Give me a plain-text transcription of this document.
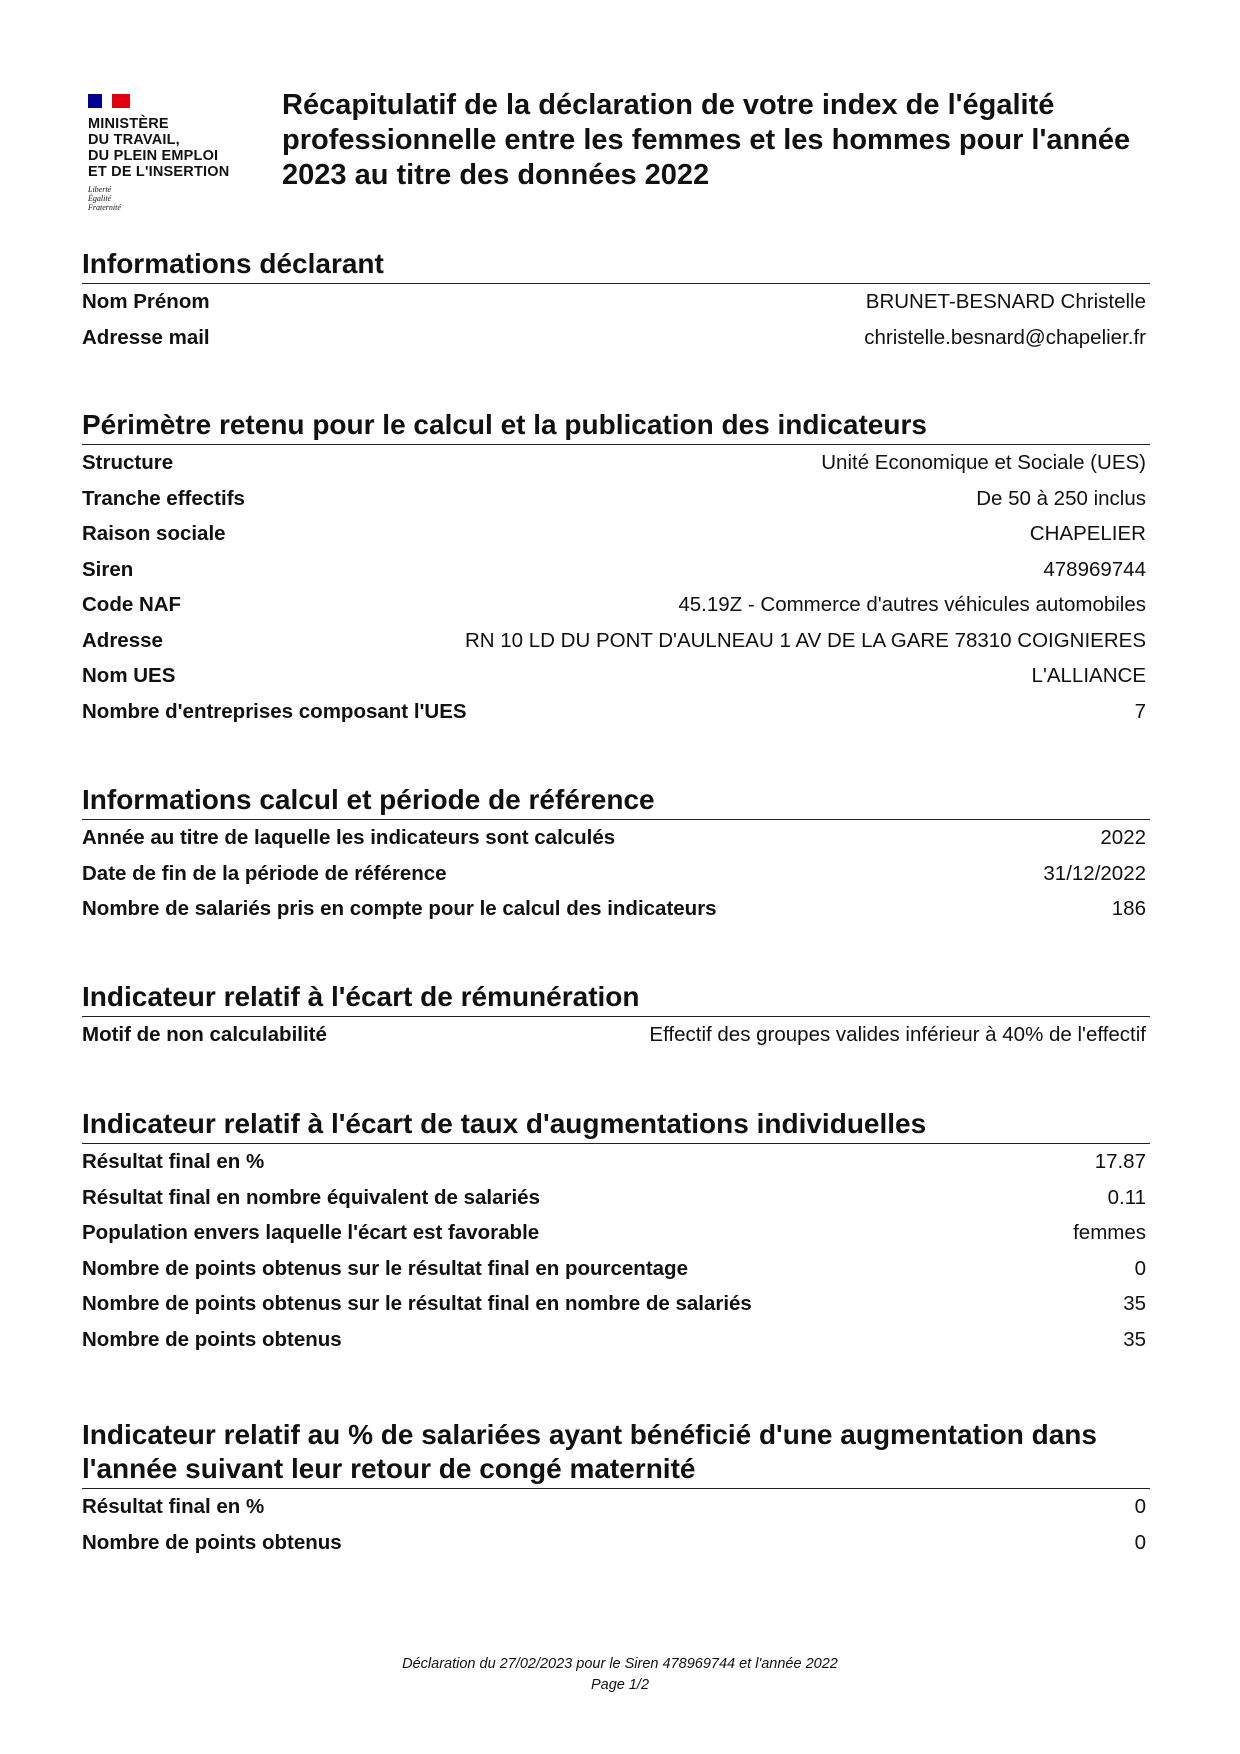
MINISTÈRE
DU TRAVAIL,
DU PLEIN EMPLOI
ET DE L'INSERTION
Liberté
Égalité
Fraternité
Récapitulatif de la déclaration de votre index de l'égalité professionnelle entre les femmes et les hommes pour l'année 2023 au titre des données 2022
Informations déclarant
Nom Prénom	BRUNET-BESNARD Christelle
Adresse mail	christelle.besnard@chapelier.fr
Périmètre retenu pour le calcul et la publication des indicateurs
Structure	Unité Economique et Sociale (UES)
Tranche effectifs	De 50 à 250 inclus
Raison sociale	CHAPELIER
Siren	478969744
Code NAF	45.19Z - Commerce d'autres véhicules automobiles
Adresse	RN 10 LD DU PONT D'AULNEAU 1 AV DE LA GARE 78310 COIGNIERES
Nom UES	L'ALLIANCE
Nombre d'entreprises composant l'UES	7
Informations calcul et période de référence
Année au titre de laquelle les indicateurs sont calculés	2022
Date de fin de la période de référence	31/12/2022
Nombre de salariés pris en compte pour le calcul des indicateurs	186
Indicateur relatif à l'écart de rémunération
Motif de non calculabilité	Effectif des groupes valides inférieur à 40% de l'effectif
Indicateur relatif à l'écart de taux d'augmentations individuelles
Résultat final en %	17.87
Résultat final en nombre équivalent de salariés	0.11
Population envers laquelle l'écart est favorable	femmes
Nombre de points obtenus sur le résultat final en pourcentage	0
Nombre de points obtenus sur le résultat final en nombre de salariés	35
Nombre de points obtenus	35
Indicateur relatif au % de salariées ayant bénéficié d'une augmentation dans l'année suivant leur retour de congé maternité
Résultat final en %	0
Nombre de points obtenus	0
Déclaration du 27/02/2023 pour le Siren 478969744 et l'année 2022
Page 1/2
